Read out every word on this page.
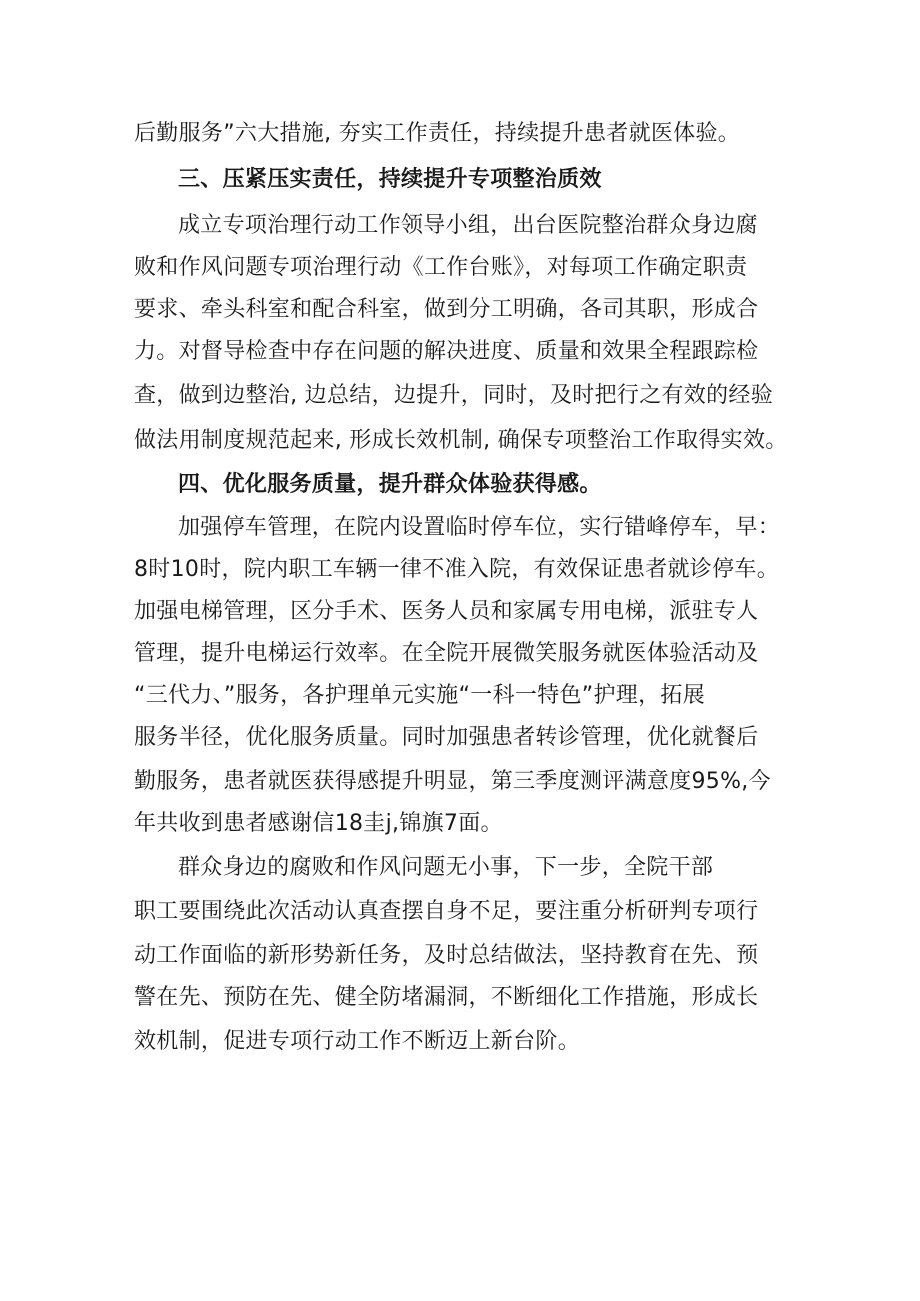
后勤服务”六大措施, 夯实工作责任，持续提升患者就医体验。
三、压紧压实责任，持续提升专项整治质效
成立专项治理行动工作领导小组，出台医院整治群众身边腐
败和作风问题专项治理行动《工作台账》，对每项工作确定职责
要求、牵头科室和配合科室，做到分工明确，各司其职，形成合
力。对督导检查中存在问题的解决进度、质量和效果全程跟踪检
查，做到边整治, 边总结，边提升，同时，及时把行之有效的经验
做法用制度规范起来, 形成长效机制, 确保专项整治工作取得实效。
四、优化服务质量，提升群众体验获得感。
加强停车管理，在院内设置临时停车位，实行错峰停车，早：
8时10时，院内职工车辆一律不准入院，有效保证患者就诊停车。
加强电梯管理，区分手术、医务人员和家属专用电梯，派驻专人
管理，提升电梯运行效率。在全院开展微笑服务就医体验活动及
“三代力、”服务，各护理单元实施“一科一特色”护理，拓展
服务半径，优化服务质量。同时加强患者转诊管理，优化就餐后
勤服务，患者就医获得感提升明显，第三季度测评满意度95%,今
年共收到患者感谢信18圭j,锦旗7面。
群众身边的腐败和作风问题无小事，下一步，全院干部
职工要围绕此次活动认真查摆自身不足，要注重分析研判专项行
动工作面临的新形势新任务，及时总结做法，坚持教育在先、预
警在先、预防在先、健全防堵漏洞，不断细化工作措施，形成长
效机制，促进专项行动工作不断迈上新台阶。
